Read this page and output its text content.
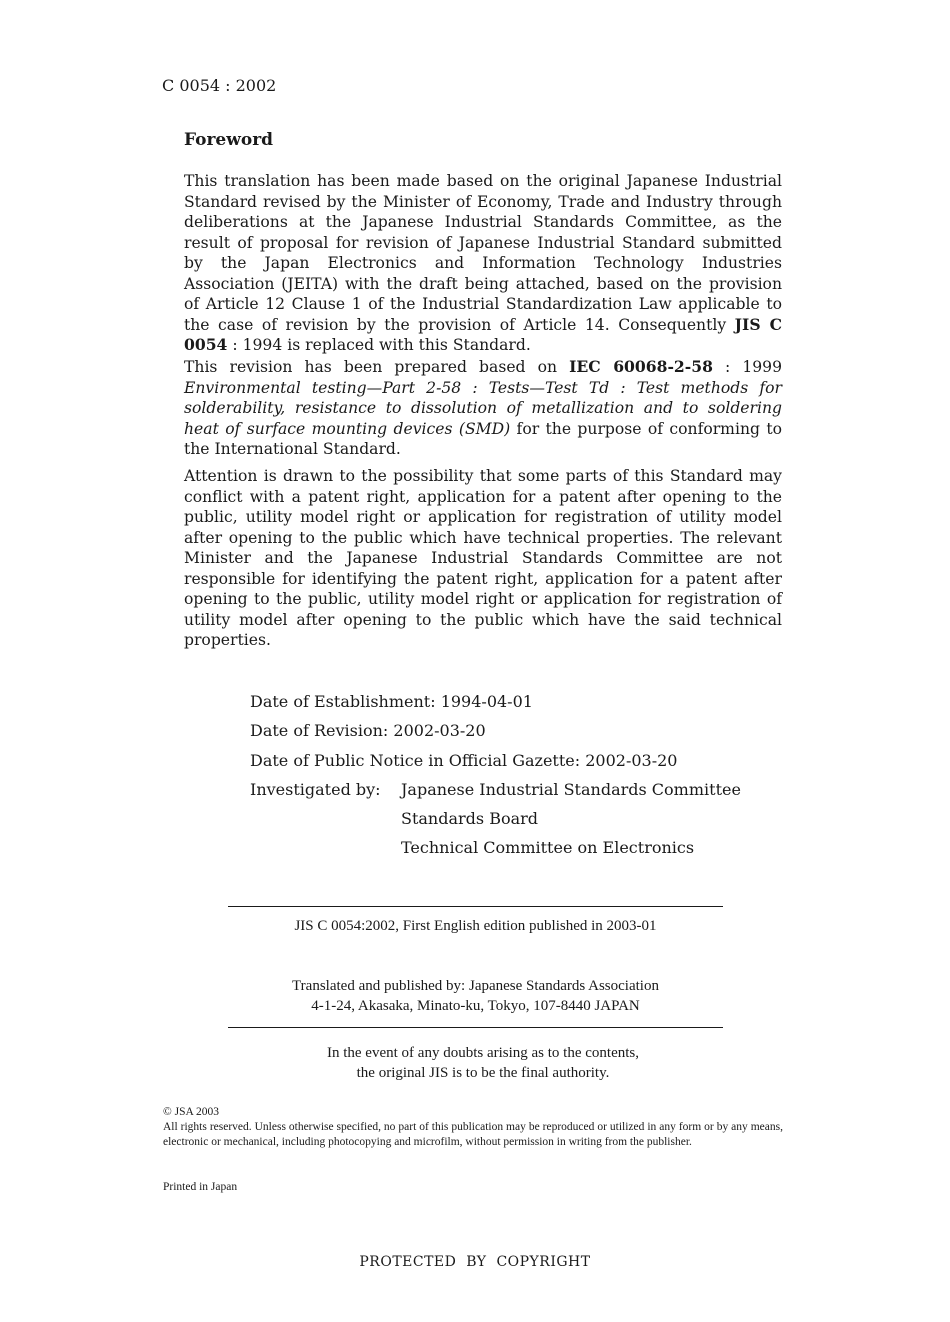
C 0054 : 2002
Foreword

This translation has been made based on the original Japanese Industrial Standard revised by the Minister of Economy, Trade and Industry through deliberations at the Japanese Industrial Standards Committee, as the result of proposal for revision of Japanese Industrial Standard submitted by the Japan Electronics and Information Technology Industries Association (JEITA) with the draft being attached, based on the provision of Article 12 Clause 1 of the Industrial Standardization Law applicable to the case of revision by the provision of Article 14. Consequently JIS C 0054 : 1994 is replaced with this Standard.

This revision has been prepared based on IEC 60068-2-58 : 1999 Environmental testing—Part 2-58 : Tests—Test Td : Test methods for solderability, resistance to dissolution of metallization and to soldering heat of surface mounting devices (SMD) for the purpose of conforming to the International Standard.

Attention is drawn to the possibility that some parts of this Standard may conflict with a patent right, application for a patent after opening to the public, utility model right or application for registration of utility model after opening to the public which have technical properties. The relevant Minister and the Japanese Industrial Standards Committee are not responsible for identifying the patent right, application for a patent after opening to the public, utility model right or application for registration of utility model after opening to the public which have the said technical properties.

Date of Establishment: 1994-04-01
Date of Revision: 2002-03-20
Date of Public Notice in Official Gazette: 2002-03-20
Investigated by:	Japanese Industrial Standards Committee
Standards Board
Technical Committee on Electronics
JIS C 0054:2002, First English edition published in 2003-01
Translated and published by: Japanese Standards Association
4-1-24, Akasaka, Minato-ku, Tokyo, 107-8440 JAPAN
In the event of any doubts arising as to the contents,
the original JIS is to be the final authority.
© JSA 2003
All rights reserved. Unless otherwise specified, no part of this publication may be reproduced or utilized in any form or by any means, electronic or mechanical, including photocopying and microfilm, without permission in writing from the publisher.
Printed in Japan
PROTECTED  BY  COPYRIGHT
